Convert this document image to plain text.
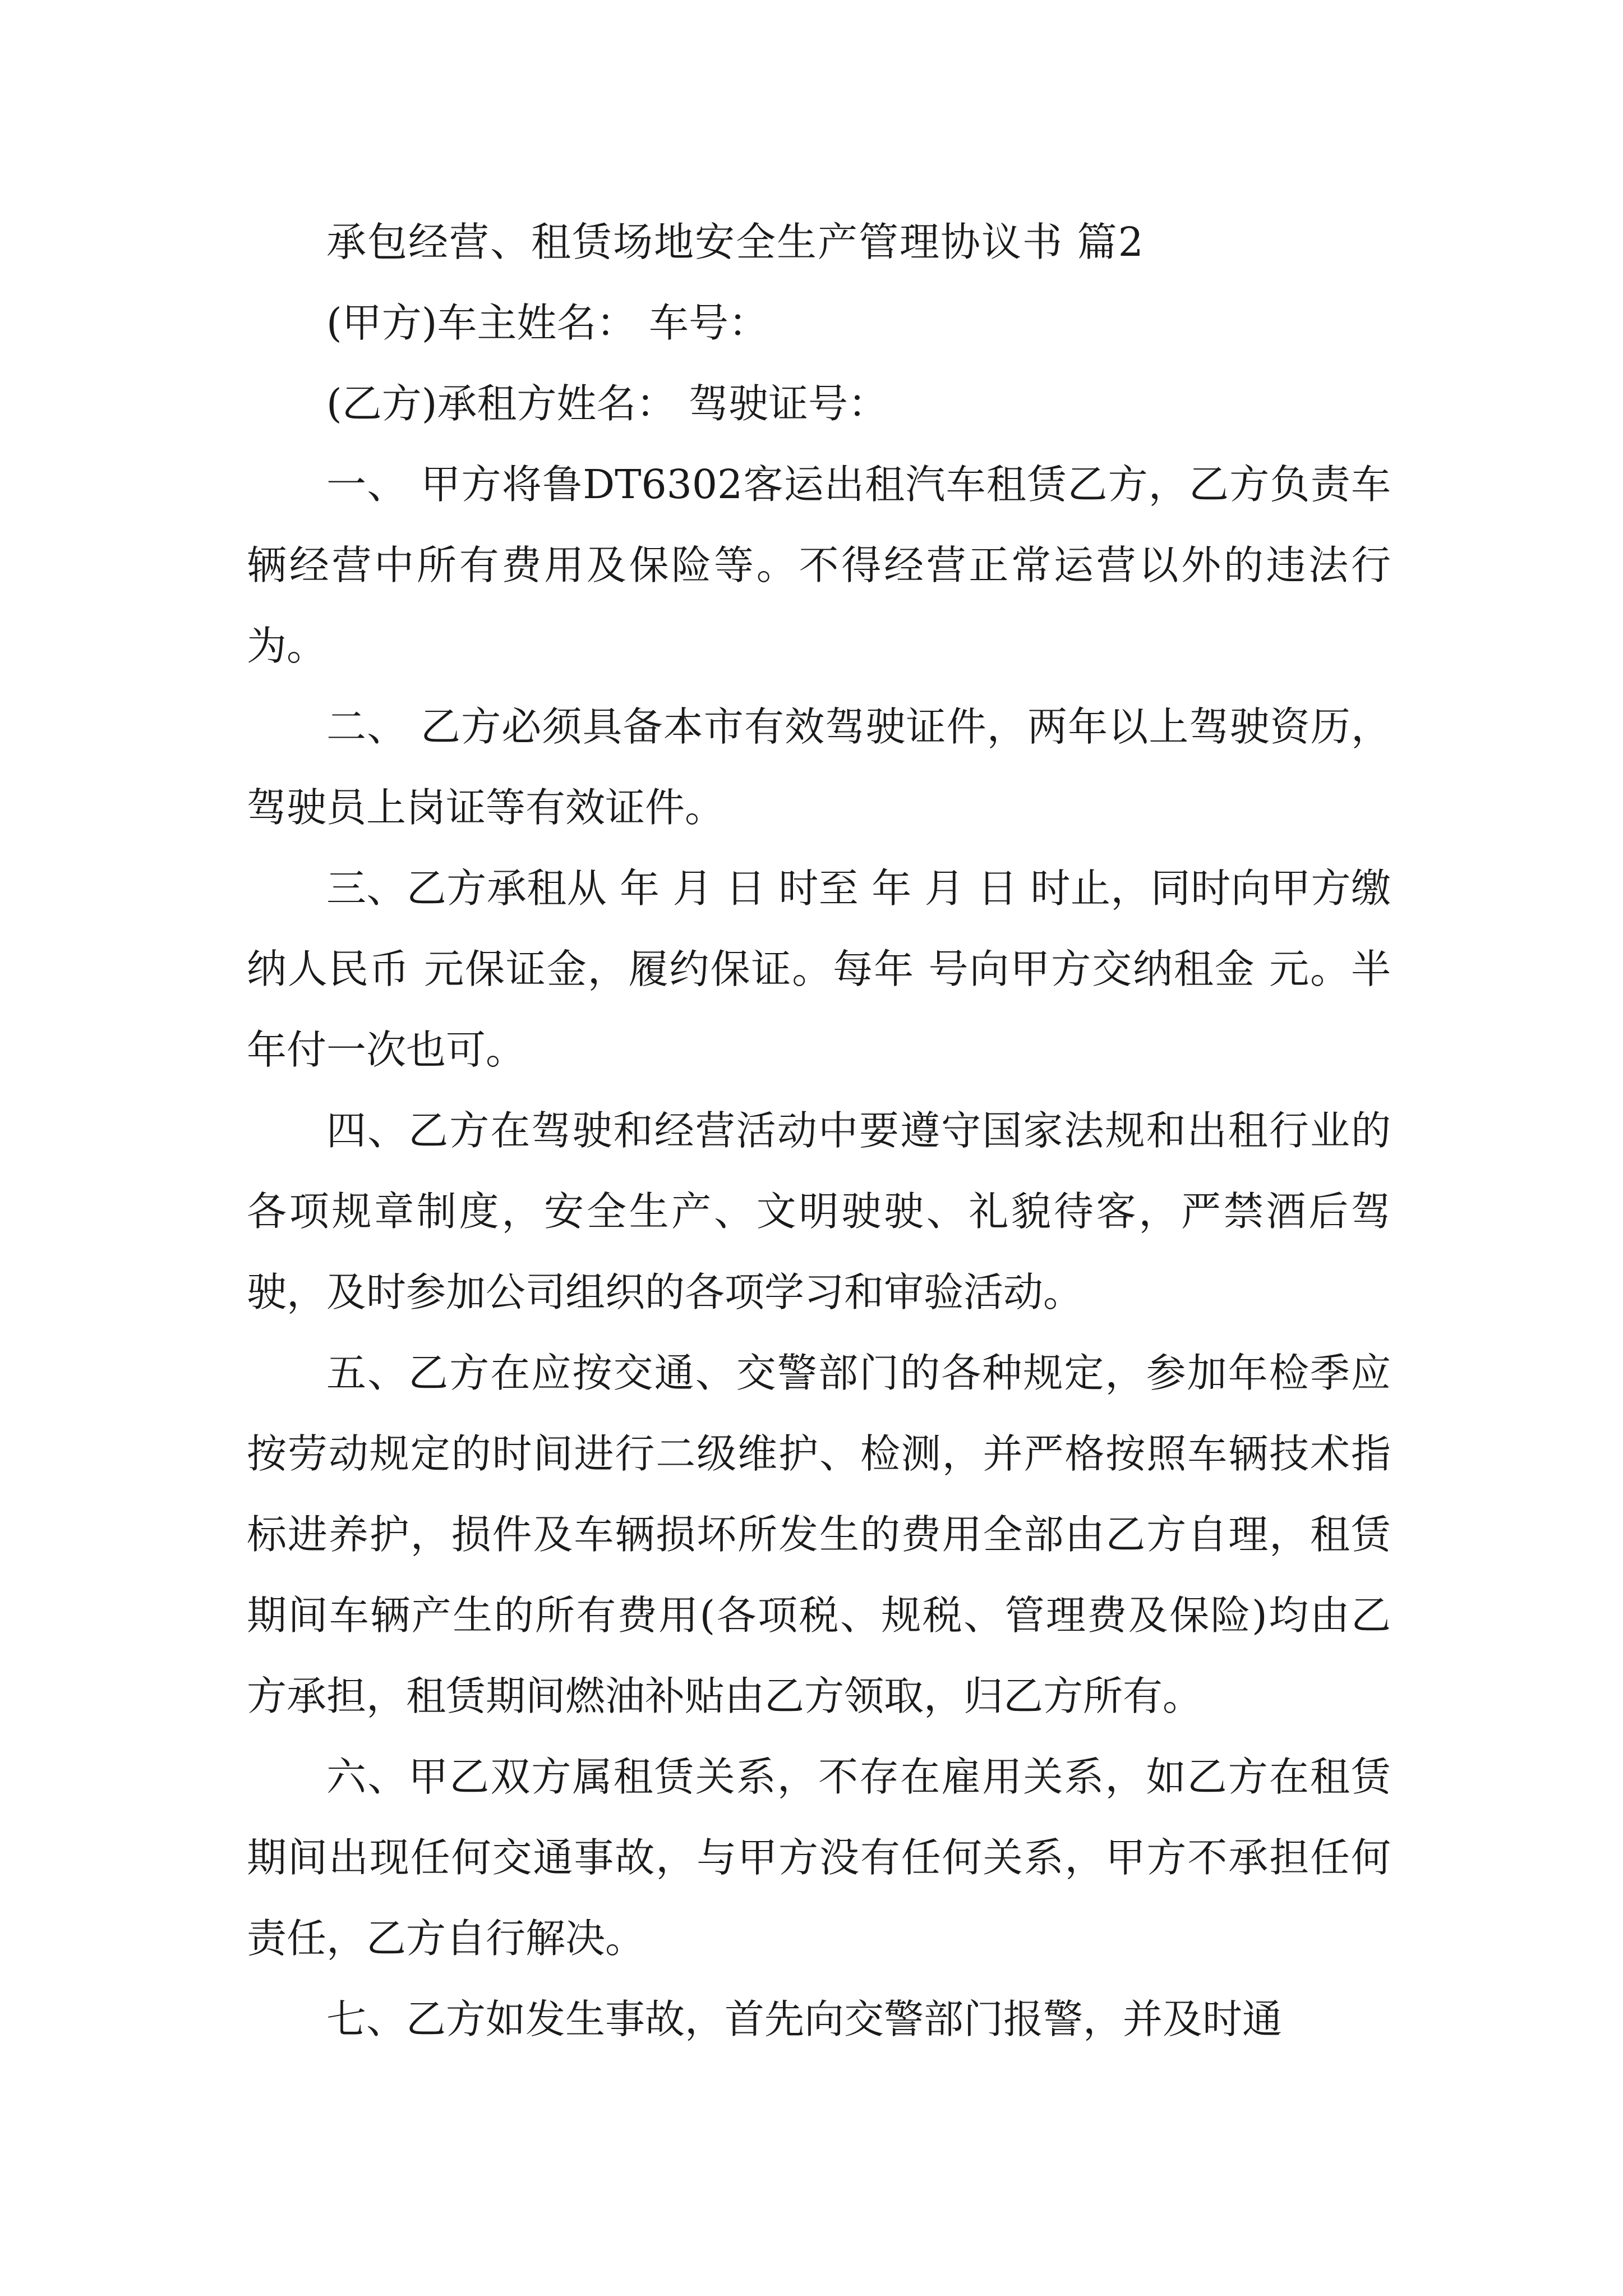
承包经营、租赁场地安全生产管理协议书 篇2

(甲方)车主姓名： 车号：

(乙方)承租方姓名： 驾驶证号：

一、 甲方将鲁DT6302客运出租汽车租赁乙方，乙方负责车辆经营中所有费用及保险等。不得经营正常运营以外的违法行为。

二、 乙方必须具备本市有效驾驶证件，两年以上驾驶资历，驾驶员上岗证等有效证件。

三、乙方承租从 年 月 日 时至 年 月 日 时止，同时向甲方缴纳人民币 元保证金，履约保证。每年 号向甲方交纳租金 元。半年付一次也可。

四、乙方在驾驶和经营活动中要遵守国家法规和出租行业的各项规章制度，安全生产、文明驶驶、礼貌待客，严禁酒后驾驶，及时参加公司组织的各项学习和审验活动。

五、乙方在应按交通、交警部门的各种规定，参加年检季应按劳动规定的时间进行二级维护、检测，并严格按照车辆技术指标进养护，损件及车辆损坏所发生的费用全部由乙方自理，租赁期间车辆产生的所有费用(各项税、规税、管理费及保险)均由乙方承担，租赁期间燃油补贴由乙方领取，归乙方所有。

六、甲乙双方属租赁关系，不存在雇用关系，如乙方在租赁期间出现任何交通事故，与甲方没有任何关系，甲方不承担任何责任，乙方自行解决。

七、乙方如发生事故，首先向交警部门报警，并及时通
